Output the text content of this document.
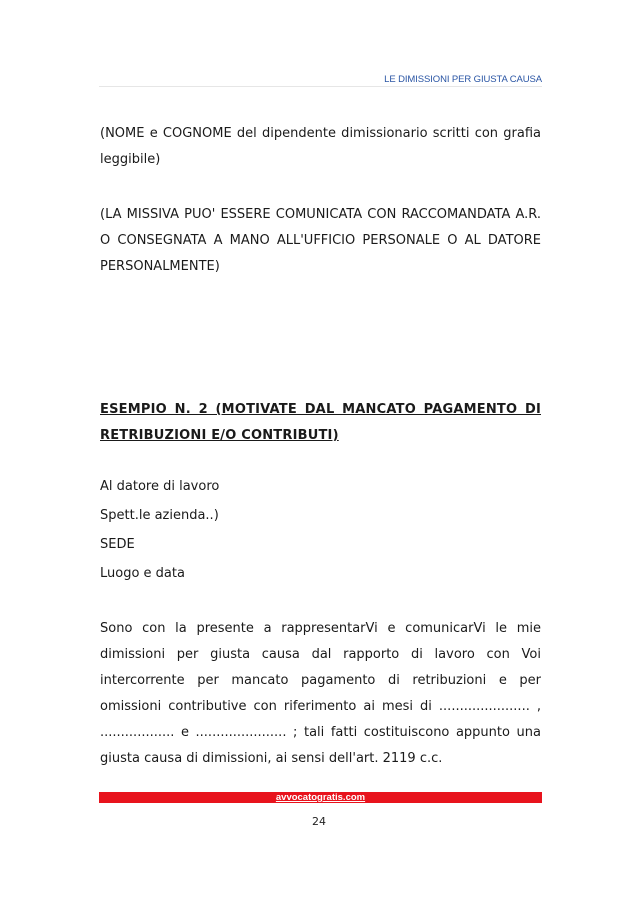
LE DIMISSIONI PER GIUSTA CAUSA
(NOME e COGNOME del dipendente dimissionario scritti con grafia leggibile)
(LA MISSIVA PUO' ESSERE COMUNICATA CON RACCOMANDATA A.R. O CONSEGNATA A MANO ALL'UFFICIO PERSONALE O AL DATORE PERSONALMENTE)
ESEMPIO N. 2 (MOTIVATE DAL MANCATO PAGAMENTO DI RETRIBUZIONI E/O CONTRIBUTI)
Al datore di lavoro
Spett.le azienda..)
SEDE
Luogo e data
Sono con la presente a rappresentarVi e comunicarVi le mie dimissioni per giusta causa dal rapporto di lavoro con Voi intercorrente per mancato pagamento di retribuzioni e per omissioni contributive con riferimento ai mesi di ...................... , .................. e ...................... ; tali fatti costituiscono appunto una giusta causa di dimissioni, ai sensi dell'art. 2119 c.c.
avvocatogratis.com
24
